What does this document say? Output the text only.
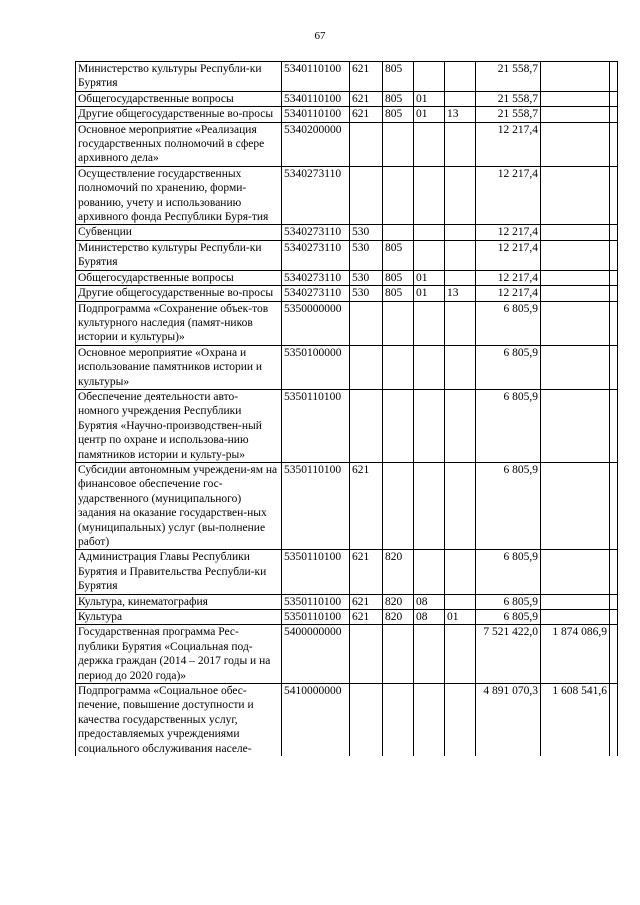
67
Министерство культуры Республи-ки Бурятия	5340110100	621	805			21 558,7		
Общегосударственные вопросы	5340110100	621	805	01		21 558,7		
Другие общегосударственные во-просы	5340110100	621	805	01	13	21 558,7		
Основное мероприятие «Реализация государственных полномочий в сфере архивного дела»	5340200000					12 217,4		
Осуществление государственных полномочий по хранению, форми-рованию, учету и использованию архивного фонда Республики Буря-тия	5340273110					12 217,4		
Субвенции	5340273110	530				12 217,4		
Министерство культуры Республи-ки Бурятия	5340273110	530	805			12 217,4		
Общегосударственные вопросы	5340273110	530	805	01		12 217,4		
Другие общегосударственные во-просы	5340273110	530	805	01	13	12 217,4		
Подпрограмма «Сохранение объек-тов культурного наследия (памят-ников истории и культуры)»	5350000000					6 805,9		
Основное мероприятие «Охрана и использование памятников истории и культуры»	5350100000					6 805,9		
Обеспечение деятельности авто-номного учреждения Республики Бурятия «Научно-производствен-ный центр по охране и использова-нию памятников истории и культу-ры»	5350110100					6 805,9		
Субсидии автономным учреждени-ям на финансовое обеспечение гос-ударственного (муниципального) задания на оказание государствен-ных (муниципальных) услуг (вы-полнение работ)	5350110100	621				6 805,9		
Администрация Главы Республики Бурятия и Правительства Республи-ки Бурятия	5350110100	621	820			6 805,9		
Культура, кинематография	5350110100	621	820	08		6 805,9		
Культура	5350110100	621	820	08	01	6 805,9		
Государственная программа Рес-публики Бурятия «Социальная под-держка граждан (2014 – 2017 годы и на период до 2020 года)»	5400000000					7 521 422,0	1 874 086,9	
Подпрограмма «Социальное обес-печение, повышение доступности и качества государственных услуг, предоставляемых учреждениями социального обслуживания населе-	5410000000					4 891 070,3	1 608 541,6	
